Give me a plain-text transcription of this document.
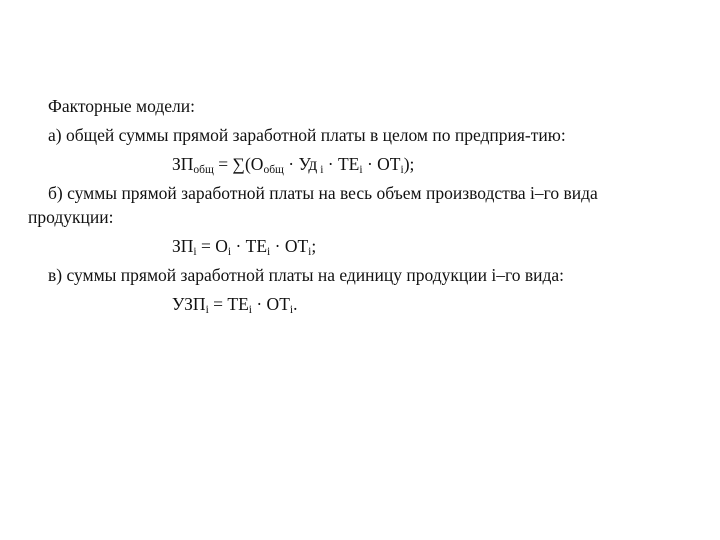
Факторные модели:
а) общей суммы прямой заработной платы в целом по предприя-тию:
$ЗП_{общ} = \sum(О_{общ}$ · Уд $_i \cdot ТЕ_i \cdot ОТ_i$);
б) суммы прямой заработной платы на весь объем производства i–го вида
продукции:
$ЗП_i = О_i \cdot ТЕ_i \cdot ОТ_i$;
в) суммы прямой заработной платы на единицу продукции i–го вида:
$УЗП_i = ТЕ_i \cdot ОТ_i$.
